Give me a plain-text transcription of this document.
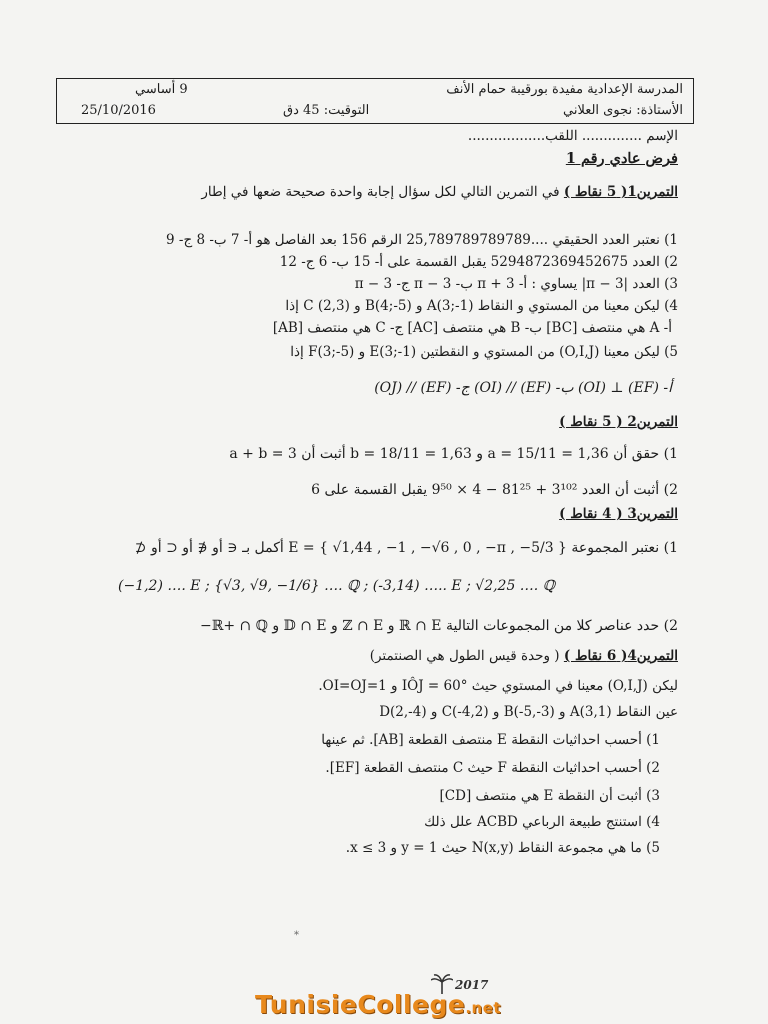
المدرسة الإعدادية مفيدة بورقيبة حمام الأنف
9 أساسي
الأستاذة: نجوى العلاني
التوقيت: 45 دق
25/10/2016
الإسم .............. اللقب..................
فرض عادي رقم 1
التمرين1( 5 نقاط ) في التمرين التالي لكل سؤال إجابة واحدة صحيحة ضعها في إطار
1) نعتبر العدد الحقيقي ....25,789789789789 الرقم 156 بعد الفاصل هو أ- 7 ب- 8 ج- 9
2) العدد 5294872369452675 يقبل القسمة على أ- 15 ب- 6 ج- 12
3) العدد |3 − π| يساوي : أ- 3 + π ب- 3 − π ج- π − 3
4) ليكن معينا من المستوي و النقاط (1-;A(3 و (5-;B(4 و (2,3) C إذا
أ- A هي منتصف [BC] ب- B هي منتصف [AC] ج- C هي منتصف [AB]
5) ليكن معينا (O,I,J) من المستوي و النقطتين (1-;E(3 و (5-;F(3 إذا
أ- (EF) ⊥ (OI) ب- (EF) // (OI) ج- (EF) // (OJ)
التمرين2 ( 5 نقاط )
1) حقق أن a = 15/11 = 1,36 و b = 18/11 = 1,63 أثبت أن a + b = 3
2) أثبت أن العدد 3¹⁰² + 81²⁵ − 4 × 9⁵⁰ يقبل القسمة على 6
التمرين3 ( 4 نقاط )
1) نعتبر المجموعة E = { √1,44 , −1 , −√6 , 0 , −π , −5/3 } أكمل بـ ∈ أو ∉ أو ⊂ أو ⊄
(−1,2) …. E ; {√3, √9, −1/6} …. ℚ ; (-3,14) ….. E ; √2,25 …. ℚ
2) حدد عناصر كلا من المجموعات التالية ℝ ∩ E و ℤ ∩ E و 𝔻 ∩ E و ℝ+ ∩ ℚ−
التمرين4( 6 نقاط ) ( وحدة قيس الطول هي الصنتمتر)
ليكن (O,I,J) معينا في المستوي حيث IÔJ = 60° و OI=OJ=1.
عين النقاط (A(3,1 و (B(-5,-3 و (C(-4,2 و (D(2,-4
1) أحسب احداثيات النقطة E منتصف القطعة [AB]. ثم عينها
2) أحسب احداثيات النقطة F حيث C منتصف القطعة [EF].
3) أثبت أن النقطة E هي منتصف [CD]
4) استنتج طبيعة الرباعي ACBD علل ذلك
5) ما هي مجموعة النقاط (N(x,y حيث y = 1 و x ≤ 3.
*
2017
TunisieCollege.net
